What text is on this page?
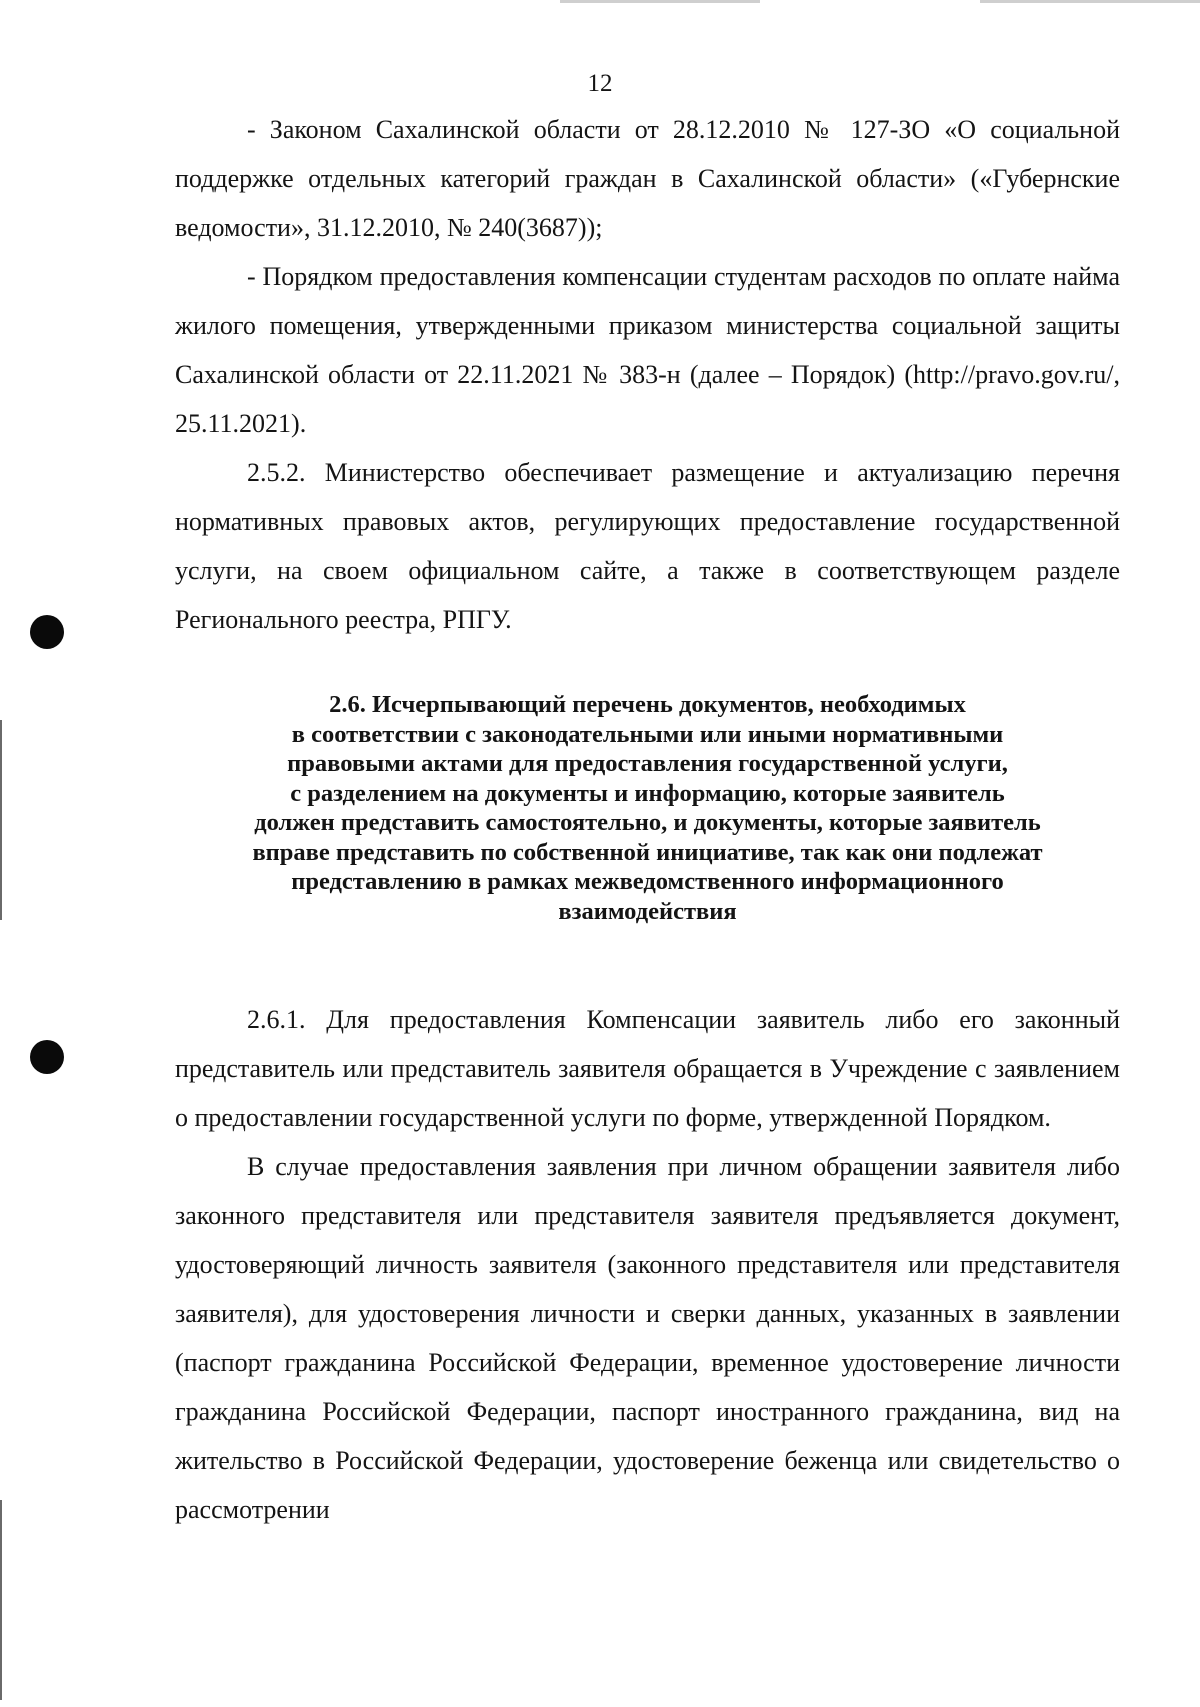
12

- Законом Сахалинской области от 28.12.2010 № 127-ЗО «О социальной поддержке отдельных категорий граждан в Сахалинской области» («Губернские ведомости», 31.12.2010, № 240(3687));

- Порядком предоставления компенсации студентам расходов по оплате найма жилого помещения, утвержденными приказом министерства социальной защиты Сахалинской области от 22.11.2021 № 383-н (далее – Порядок) (http://pravo.gov.ru/, 25.11.2021).

2.5.2. Министерство обеспечивает размещение и актуализацию перечня нормативных правовых актов, регулирующих предоставление государственной услуги, на своем официальном сайте, а также в соответствующем разделе Регионального реестра, РПГУ.

2.6. Исчерпывающий перечень документов, необходимых
в соответствии с законодательными или иными нормативными
правовыми актами для предоставления государственной услуги,
с разделением на документы и информацию, которые заявитель
должен представить самостоятельно, и документы, которые заявитель
вправе представить по собственной инициативе, так как они подлежат
представлению в рамках межведомственного информационного
взаимодействия

2.6.1. Для предоставления Компенсации заявитель либо его законный представитель или представитель заявителя обращается в Учреждение с заявлением о предоставлении государственной услуги по форме, утвержденной Порядком.

В случае предоставления заявления при личном обращении заявителя либо законного представителя или представителя заявителя предъявляется документ, удостоверяющий личность заявителя (законного представителя или представителя заявителя), для удостоверения личности и сверки данных, указанных в заявлении (паспорт гражданина Российской Федерации, временное удостоверение личности гражданина Российской Федерации, паспорт иностранного гражданина, вид на жительство в Российской Федерации, удостоверение беженца или свидетельство о рассмотрении
